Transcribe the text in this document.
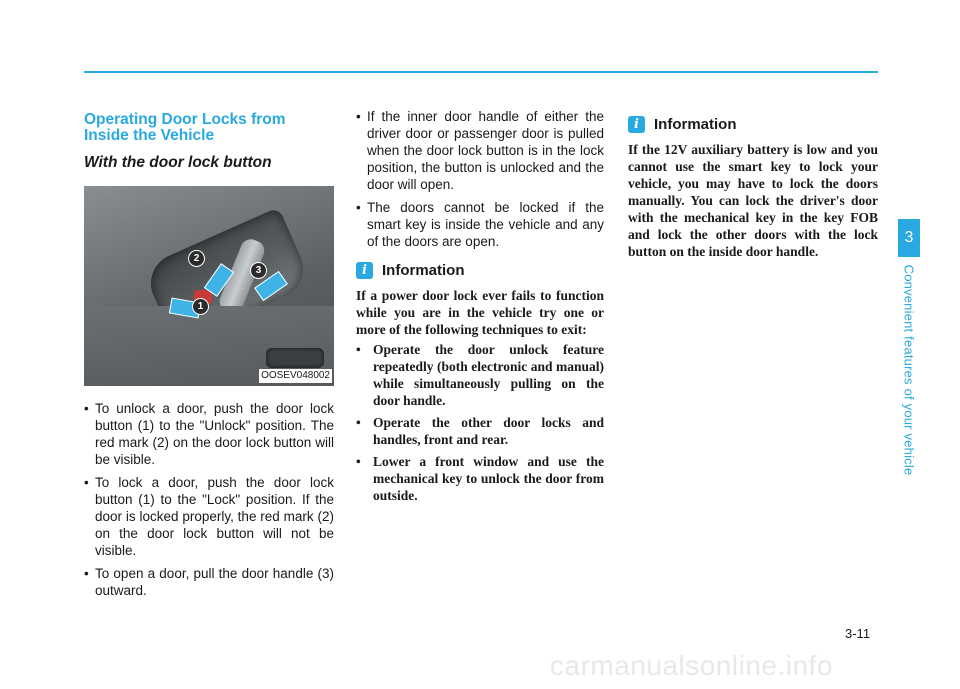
Operating Door Locks from Inside the Vehicle
With the door lock button
1
2
3
OOSEV048002
• To unlock a door, push the door lock button (1) to the "Unlock" position. The red mark (2) on the door lock button will be visible.
• To lock a door, push the door lock button (1) to the "Lock" position. If the door is locked properly, the red mark (2) on the door lock button will not be visible.
• To open a door, pull the door handle (3) outward.
• If the inner door handle of either the driver door or passenger door is pulled when the door lock button is in the lock position, the button is unlocked and the door will open.
• The doors cannot be locked if the smart key is inside the vehicle and any of the doors are open.
i	Information

If a power door lock ever fails to function while you are in the vehicle try one or more of the following techniques to exit:

• Operate the door unlock feature repeatedly (both electronic and manual) while simultaneously pulling on the door handle.
• Operate the other door locks and handles, front and rear.
• Lower a front window and use the mechanical key to unlock the door from outside.
i	Information

If the 12V auxiliary battery is low and you cannot use the smart key to lock your vehicle, you may have to lock the doors manually. You can lock the driver's door with the mechanical key in the key FOB and lock the other doors with the lock button on the inside door handle.

3
Convenient features of your vehicle
3-11
carmanualsonline.info
